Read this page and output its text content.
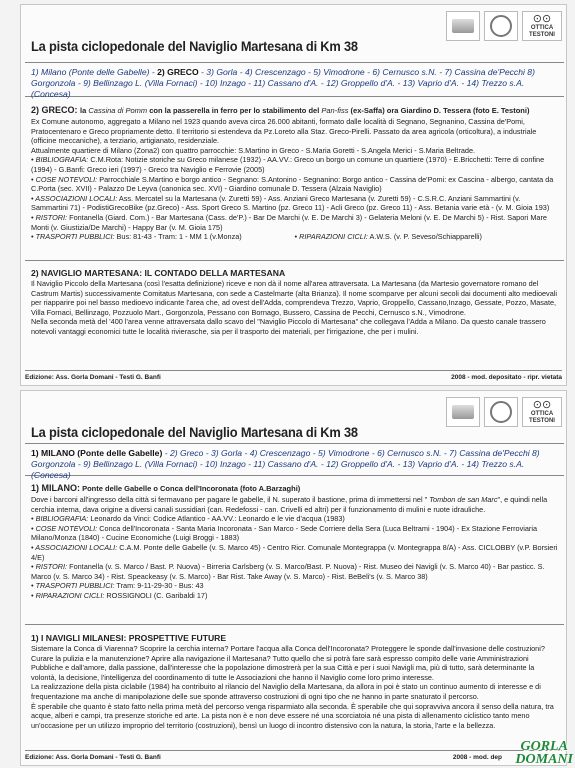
⊙⊙
OTTICA TESTONI
La pista ciclopedonale del Naviglio Martesana di Km 38
1) Milano (Ponte delle Gabelle) - 2) GRECO - 3) Gorla - 4) Crescenzago - 5) Vimodrone - 6) Cernusco s.N. - 7) Cassina de'Pecchi 8) Gorgonzola - 9) Bellinzago L. (Villa Fornaci) - 10) Inzago - 11) Cassano d'A. - 12) Groppello d'A. - 13) Vaprio d'A. - 14) Trezzo s.A. (Concesa)
2) GRECO: la Cassina di Pomm con la passerella in ferro per lo stabilimento del Pan-fiss (ex-Saffa) ora Giardino D. Tessera (foto E. Testoni)

Ex Comune autonomo, aggregato a Milano nel 1923 quando aveva circa 26.000 abitanti, formato dalle località di Segnano, Segnanino, Cassina de'Pomi, Pratocentenaro e Greco propriamente detto. Il territorio si estendeva da Pz.Loreto alla Staz. Greco-Pirelli. Passato da area agricola (orticoltura), a industriale (officine meccaniche), a terziario, artigianato, residenziale.

Attualmente quartiere di Milano (Zona2) con quattro parrocchie: S.Martino in Greco - S.Maria Goretti - S.Angela Merici - S.Maria Beltrade.

• BIBLIOGRAFIA: C.M.Rota: Notizie storiche su Greco milanese (1932) - AA.VV.: Greco un borgo un comune un quartiere (1970) - E.Bricchetti: Terre di confine (1994) - G.Banfi: Greco ieri (1997) - Greco tra Naviglio e Ferrovie (2005)
• COSE NOTEVOLI: Parrocchiale S.Martino e borgo antico - Segnano: S.Antonino - Segnanino: Borgo antico - Cassina de'Pomi: ex Cascina - albergo, cantata da C.Porta (sec. XVII) - Palazzo De Leyva (canonica sec. XVI) - Giardino comunale D. Tessera (Alzaia Naviglio)
• ASSOCIAZIONI LOCALI: Ass. Mercatel su la Martesana (v. Zuretti 59) - Ass. Anziani Greco Martesana (v. Zuretti 59) - C.S.R.C. Anziani Sammartini (v. Sammartini 71) - PodistiGrecoBike (pz.Greco) - Ass. Sport Greco S. Martino (pz. Greco 11) - Acli Greco (pz. Greco 11) - Ass. Betania varie età - (v. M. Gioia 193)
• RISTORI: Fontanella (Giard. Com.) - Bar Martesana (Cass. de'P.) - Bar De Marchi (v. E. De Marchi 3) - Gelateria Meloni (v. E. De Marchi 5) - Rist. Sapori Mare Monti (v. Giustizia/De Marchi) - Happy Bar (v. M. Gioia 175)
• TRASPORTI PUBBLICI: Bus: 81-43 - Tram: 1 - MM 1 (v.Monza)	• RIPARAZIONI CICLI: A.W.S. (v. P. Seveso/Schiapparelli)
2) NAVIGLIO MARTESANA: IL CONTADO DELLA MARTESANA

Il Naviglio Piccolo della Martesana (così l'esatta definizione) riceve e non dà il nome all'area attraversata. La Martesana (da Martesio governatore romano del Castrum Martis) successivamente Comitatus Martesana, con sede a Castelmarte (alta Brianza). Il nome scomparve per alcuni secoli dai documenti alto medioevali per riapparire poi nel basso medioevo indicante l'area che, ad ovest dell'Adda, comprendeva Trezzo, Vaprio, Groppello, Cassano,Inzago, Gessate, Pozzo, Masate, Villa Fornaci, Bellinzago, Pozzuolo Mart., Gorgonzola, Pessano con Bornago, Bussero, Cassina de Pecchi, Cernusco s.N., Vimodrone.

Nella seconda metà del '400 l'area venne attraversata dallo scavo del "Naviglio Piccolo di Martesana" che collegava l'Adda a Milano. Da questo canale trassero notevoli vantaggi economici tutte le località rivierasche, sia per il trasporto dei materiali, per l'irrigazione, che per i mulini.

Edizione: Ass. Gorla Domani - Testi G. Banfi	2008 - mod. depositato - ripr. vietata
⊙⊙
OTTICA TESTONI
La pista ciclopedonale del Naviglio Martesana di Km 38
1) MILANO (Ponte delle Gabelle) - 2) Greco - 3) Gorla - 4) Crescenzago - 5) Vimodrone - 6) Cernusco s.N. - 7) Cassina de'Pecchi 8) Gorgonzola - 9) Bellinzago L. (Villa Fornaci) - 10) Inzago - 11) Cassano d'A. - 12) Groppello d'A. - 13) Vaprio d'A. - 14) Trezzo s.A. (Concesa)
1) MILANO: Ponte delle Gabelle o Conca dell'Incoronata (foto A.Barzaghi)

Dove i barconi all'ingresso della città si fermavano per pagare le gabelle, il N. superato il bastione, prima di immettersi nel " Tombon de san Marc", e quindi nella cerchia interna, dava origine a diversi canali sussidiari (can. Redefossi - can. Crivelli ed altri) per il funzionamento di mulini e ruote idrauliche.

• BIBLIOGRAFIA: Leonardo da Vinci: Codice Atlantico - AA.VV.: Leonardo e le vie d'acqua (1983)
• COSE NOTEVOLI: Conca dell'Incoronata - Santa Maria Incoronata - San Marco - Sede Corriere della Sera (Luca Beltrami - 1904) - Ex Stazione Ferroviaria Milano/Monza (1840) - Cucine Economiche (Luigi Broggi - 1883)
• ASSOCIAZIONI LOCALI: C.A.M. Ponte delle Gabelle (v. S. Marco 45) - Centro Ricr. Comunale Montegrappa (v. Montegrappa 8/A) - Ass. CICLOBBY (v.P. Borsieri 4/E)
• RISTORI: Fontanella (v. S. Marco / Bast. P. Nuova) - Birreria Carlsberg (v. S. Marco/Bast. P. Nuova) - Rist. Museo dei Navigli (v. S. Marco 40) - Bar pasticc. S. Marco (v. S. Marco 34) - Rist. Speackeasy (v. S. Marco) - Bar Rist. Take Away (v. S. Marco) - Rist. BeBeli's (v. S. Marco 38)
• TRASPORTI PUBBLICI: Tram: 9-11-29-30 - Bus: 43
• RIPARAZIONI CICLI: ROSSIGNOLI (C. Garibaldi 17)
1) I NAVIGLI MILANESI: PROSPETTIVE FUTURE

Sistemare la Conca di Viarenna? Scoprire la cerchia interna? Portare l'acqua alla Conca dell'Incoronata? Proteggere le sponde dall'invasione delle costruzioni? Curare la pulizia e la manutenzione? Aprire alla navigazione il Martesana? Tutto quello che si potrà fare sarà espresso compito delle varie Amministrazioni Pubbliche e dall'amore, dalla passione, dall'interesse che la popolazione dimostrerà per la sua Città e per i suoi Navigli ma, più di tutto, sarà determinante la volontà, la decisione, l'intelligenza del coordinamento di tutte le Associazioni che hanno il Naviglio come loro primo interesse.

La realizzazione della pista ciclabile (1984) ha contribuito al rilancio del Naviglio della Martesana, da allora in poi è stato un continuo aumento di interesse e di frequentazione ma anche di manipolazione delle sue sponde attraverso costruzioni di ogni tipo che ne hanno in parte snaturato il percorso.

È sperabile che quanto è stato fatto nella prima metà del percorso venga risparmiato alla seconda. È sperabile che qui sopravviva ancora il senso della natura, tra acque, alberi e campi, tra presenze storiche ed arte. La pista non è e non deve essere né una scorciatoia né una pista di allenamento ciclistico tanto meno un'occasione per un utilizzo improprio del territorio (costruzioni), bensì un luogo di incontro distensivo con la natura, la storia, l'arte e la bellezza.

Edizione: Ass. Gorla Domani - Testi G. Banfi	2008 - mod. dep
GORLA
DOMANI
